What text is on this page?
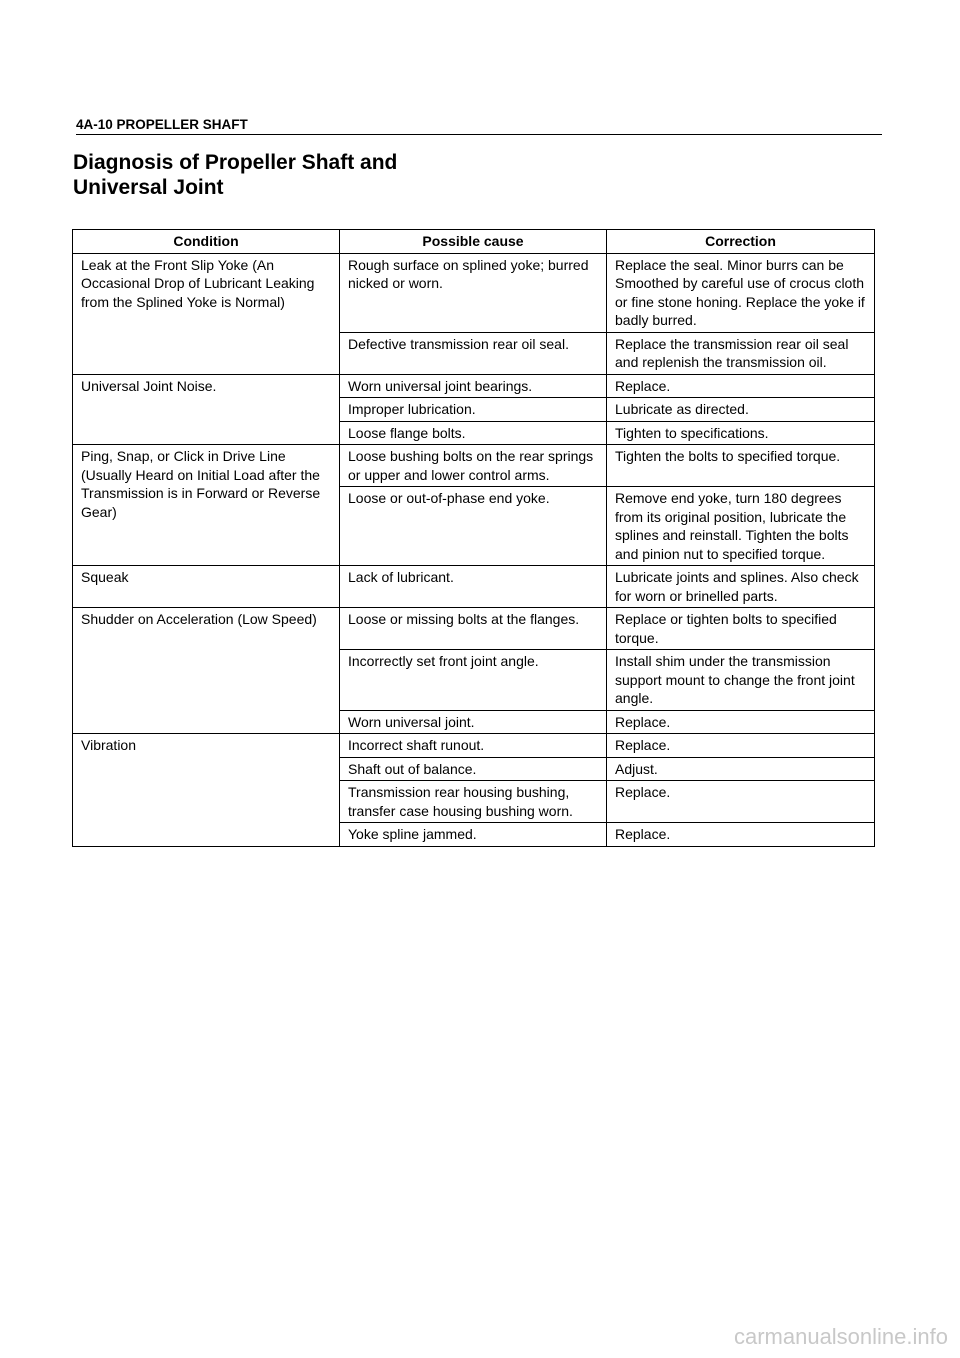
4A-10 PROPELLER SHAFT
Diagnosis of Propeller Shaft and
Universal Joint
Condition	Possible cause	Correction
Leak at the Front Slip Yoke (An Occasional Drop of Lubricant Leaking from the Splined Yoke is Normal)	Rough surface on splined yoke; burred nicked or worn.	Replace the seal. Minor burrs can be Smoothed by careful use of crocus cloth or fine stone honing. Replace the yoke if badly burred.
	Defective transmission rear oil seal.	Replace the transmission rear oil seal and replenish the transmission oil.
Universal Joint Noise.	Worn universal joint bearings.	Replace.
	Improper lubrication.	Lubricate as directed.
	Loose flange bolts.	Tighten to specifications.
Ping, Snap, or Click in Drive Line (Usually Heard on Initial Load after the Transmission is in Forward or Reverse Gear)	Loose bushing bolts on the rear springs or upper and lower control arms.	Tighten the bolts to specified torque.
	Loose or out-of-phase end yoke.	Remove end yoke, turn 180 degrees from its original position, lubricate the splines and reinstall. Tighten the bolts and pinion nut to specified torque.
Squeak	Lack of lubricant.	Lubricate joints and splines. Also check for worn or brinelled parts.
Shudder on Acceleration (Low Speed)	Loose or missing bolts at the flanges.	Replace or tighten bolts to specified torque.
	Incorrectly set front joint angle.	Install shim under the transmission support mount to change the front joint angle.
	Worn universal joint.	Replace.
Vibration	Incorrect shaft runout.	Replace.
	Shaft out of balance.	Adjust.
	Transmission rear housing bushing, transfer case housing bushing worn.	Replace.
	Yoke spline jammed.	Replace.
carmanualsonline.info
